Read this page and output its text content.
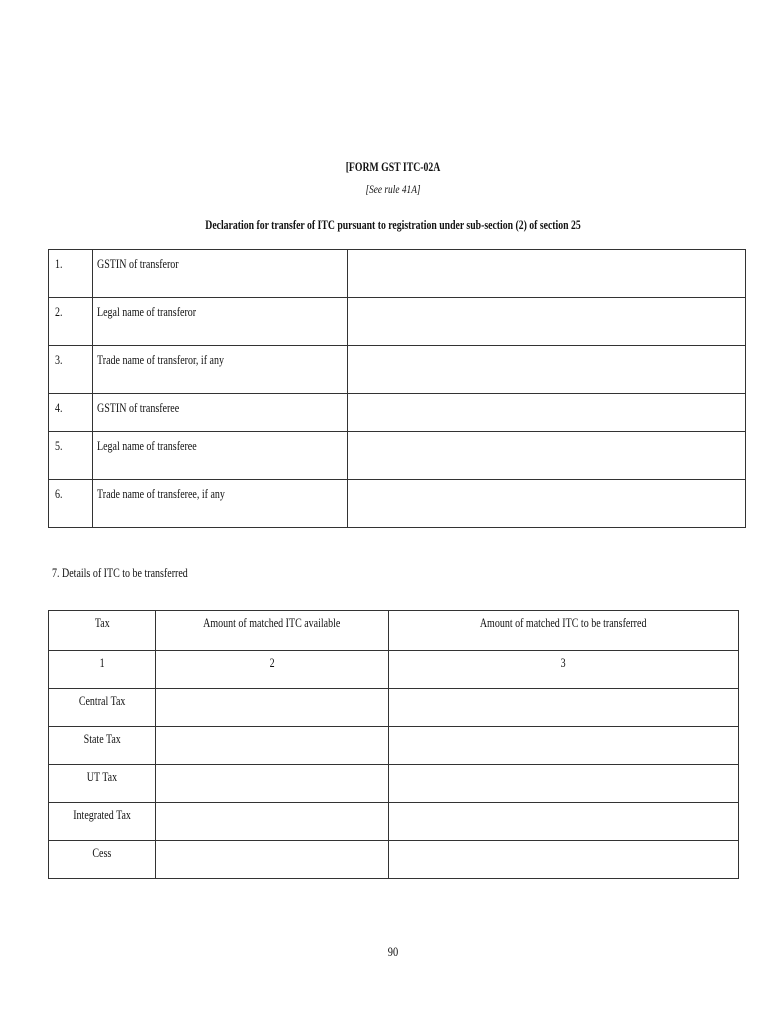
[FORM GST ITC-02A
[See rule 41A]
Declaration for transfer of ITC pursuant to registration under sub-section (2) of section 25
1.	GSTIN of transferor	
2.	Legal name of transferor	
3.	Trade name of transferor, if any	
4.	GSTIN of transferee	
5.	Legal name of transferee	
6.	Trade name of transferee, if any	
7. Details of ITC to be transferred
Tax	Amount of matched ITC available	Amount of matched ITC to be transferred
1	2	3
Central Tax		
State Tax		
UT Tax		
Integrated Tax		
Cess		
90
